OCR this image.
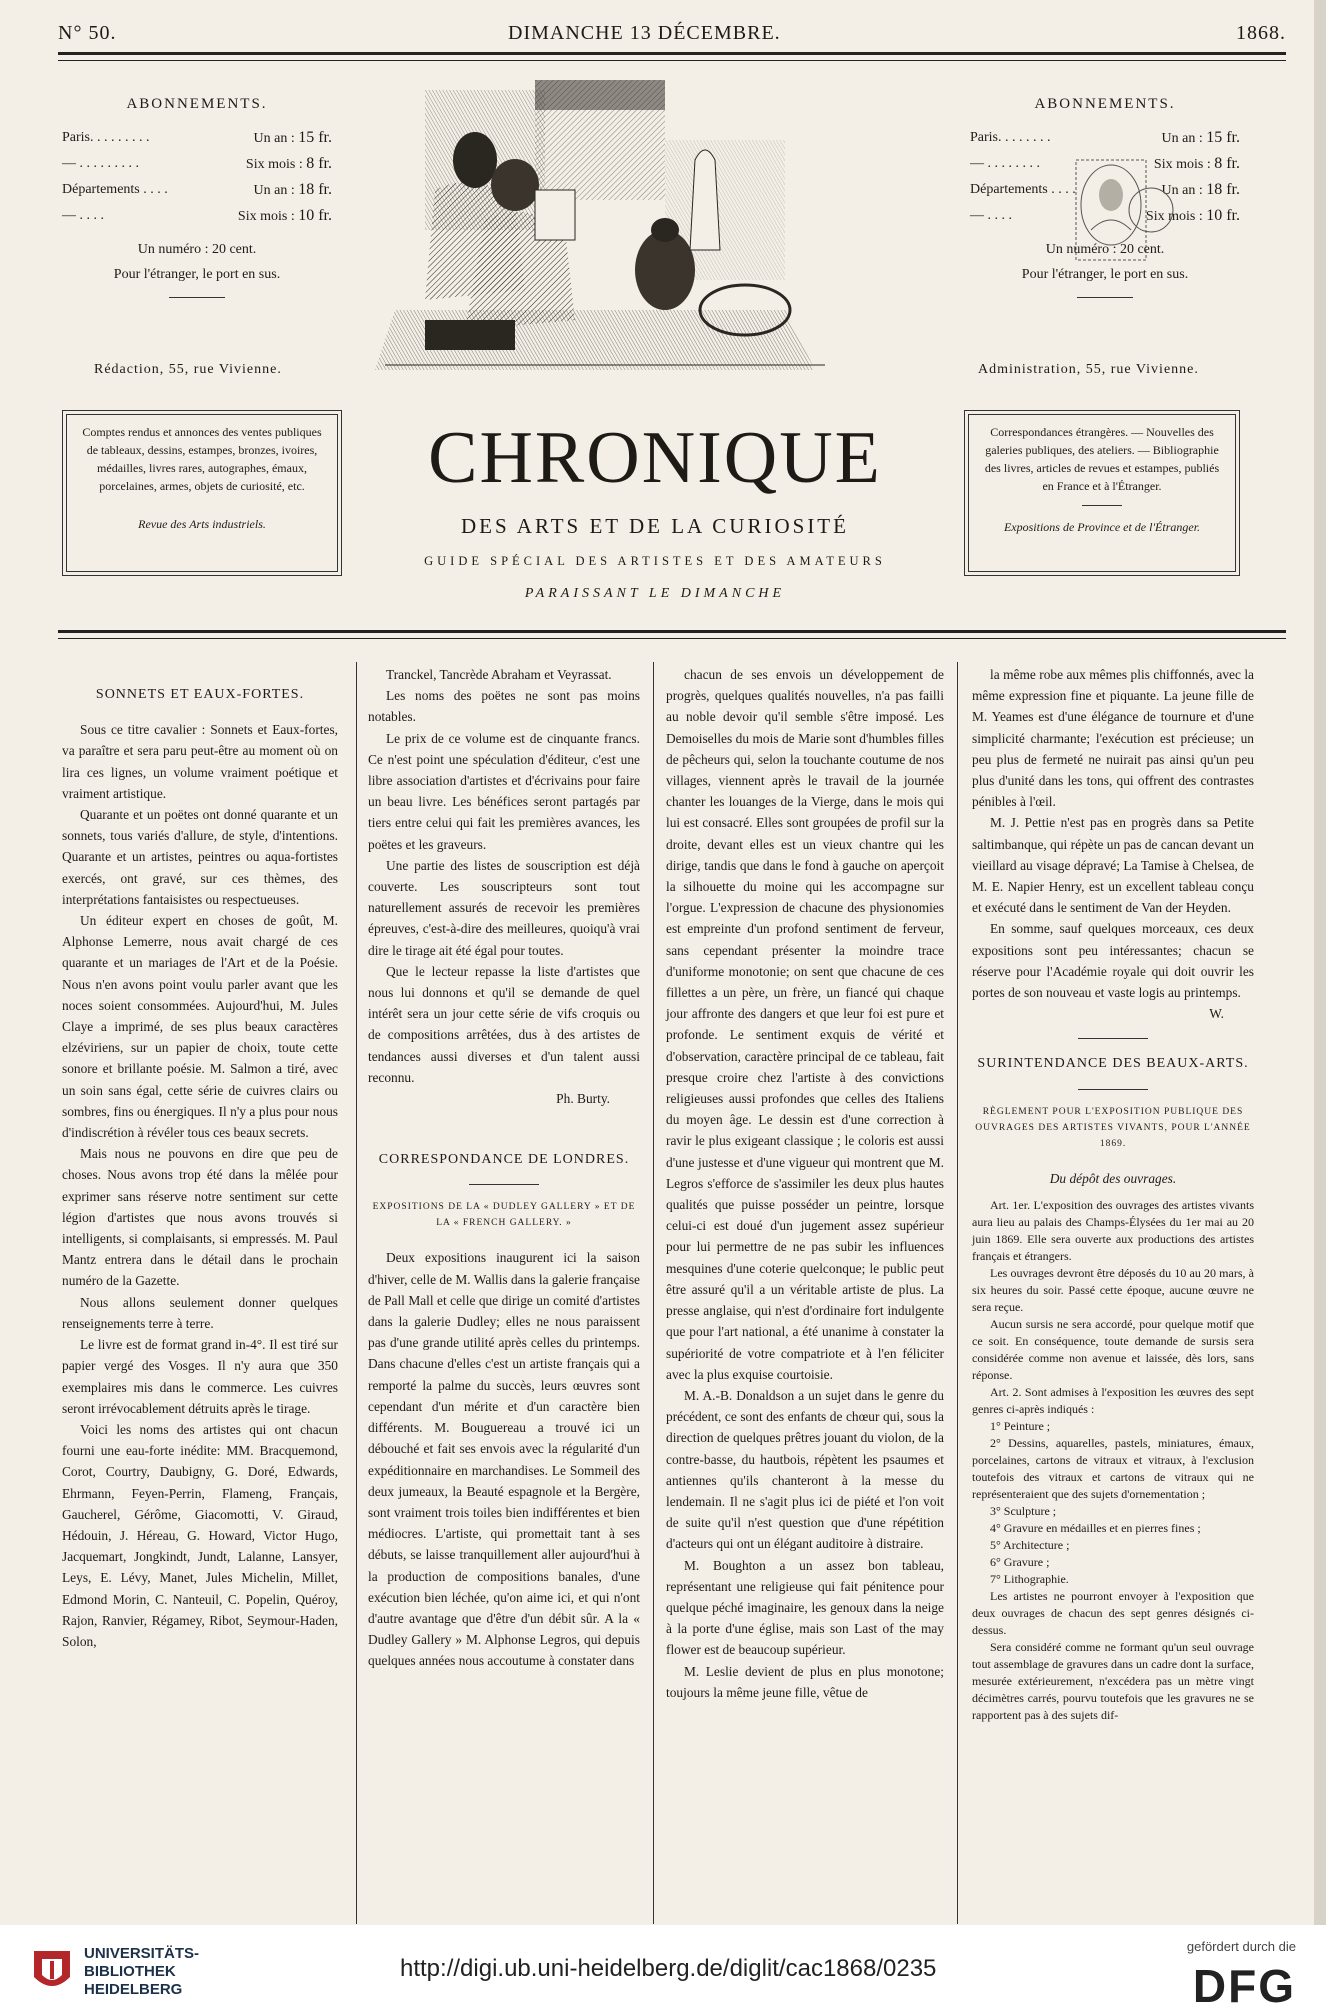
N° 50.	DIMANCHE 13 DÉCEMBRE.	1868.
ABONNEMENTS.
Paris. . . . . . . . .	Un an : 15 fr.
— . . . . . . . . .	Six mois : 8 fr.
Départements . . . .	Un an : 18 fr.
— . . . .	Six mois : 10 fr.
Un numéro : 20 cent.
Pour l'étranger, le port en sus.
Rédaction, 55, rue Vivienne.
ABONNEMENTS.
Paris. . . . . . . .	Un an : 15 fr.
— . . . . . . . .	Six mois : 8 fr.
Départements . . . .	Un an : 18 fr.
— . . . .	Six mois : 10 fr.
Un numéro : 20 cent.
Pour l'étranger, le port en sus.
Administration, 55, rue Vivienne.
Comptes rendus et annonces des ventes publiques de tableaux, dessins, estampes, bronzes, ivoires, médailles, livres rares, autographes, émaux, porcelaines, armes, objets de curiosité, etc.
Revue des Arts industriels.
Correspondances étrangères. — Nouvelles des galeries publiques, des ateliers. — Bibliographie des livres, articles de revues et estampes, publiés en France et à l'Étranger.
Expositions de Province et de l'Étranger.
CHRONIQUE
DES ARTS ET DE LA CURIOSITÉ
GUIDE SPÉCIAL DES ARTISTES ET DES AMATEURS
PARAISSANT LE DIMANCHE
SONNETS ET EAUX-FORTES.

Sous ce titre cavalier : Sonnets et Eaux-fortes, va paraître et sera paru peut-être au moment où on lira ces lignes, un volume vraiment poétique et vraiment artistique.

Quarante et un poëtes ont donné quarante et un sonnets, tous variés d'allure, de style, d'intentions. Quarante et un artistes, peintres ou aqua-fortistes exercés, ont gravé, sur ces thèmes, des interprétations fantaisistes ou respectueuses.

Un éditeur expert en choses de goût, M. Alphonse Lemerre, nous avait chargé de ces quarante et un mariages de l'Art et de la Poésie. Nous n'en avons point voulu parler avant que les noces soient consommées. Aujourd'hui, M. Jules Claye a imprimé, de ses plus beaux caractères elzéviriens, sur un papier de choix, toute cette sonore et brillante poésie. M. Salmon a tiré, avec un soin sans égal, cette série de cuivres clairs ou sombres, fins ou énergiques. Il n'y a plus pour nous d'indiscrétion à révéler tous ces beaux secrets.

Mais nous ne pouvons en dire que peu de choses. Nous avons trop été dans la mêlée pour exprimer sans réserve notre sentiment sur cette légion d'artistes que nous avons trouvés si intelligents, si complaisants, si empressés. M. Paul Mantz entrera dans le détail dans le prochain numéro de la Gazette.

Nous allons seulement donner quelques renseignements terre à terre.

Le livre est de format grand in-4°. Il est tiré sur papier vergé des Vosges. Il n'y aura que 350 exemplaires mis dans le commerce. Les cuivres seront irrévocablement détruits après le tirage.

Voici les noms des artistes qui ont chacun fourni une eau-forte inédite: MM. Bracquemond, Corot, Courtry, Daubigny, G. Doré, Edwards, Ehrmann, Feyen-Perrin, Flameng, Français, Gaucherel, Gérôme, Giacomotti, V. Giraud, Hédouin, J. Héreau, G. Howard, Victor Hugo, Jacquemart, Jongkindt, Jundt, Lalanne, Lansyer, Leys, E. Lévy, Manet, Jules Michelin, Millet, Edmond Morin, C. Nanteuil, C. Popelin, Quéroy, Rajon, Ranvier, Régamey, Ribot, Seymour-Haden, Solon,

Tranckel, Tancrède Abraham et Veyrassat.

Les noms des poëtes ne sont pas moins notables.

Le prix de ce volume est de cinquante francs. Ce n'est point une spéculation d'éditeur, c'est une libre association d'artistes et d'écrivains pour faire un beau livre. Les bénéfices seront partagés par tiers entre celui qui fait les premières avances, les poëtes et les graveurs.

Une partie des listes de souscription est déjà couverte. Les souscripteurs sont tout naturellement assurés de recevoir les premières épreuves, c'est-à-dire des meilleures, quoiqu'à vrai dire le tirage ait été égal pour toutes.

Que le lecteur repasse la liste d'artistes que nous lui donnons et qu'il se demande de quel intérêt sera un jour cette série de vifs croquis ou de compositions arrêtées, dus à des artistes de tendances aussi diverses et d'un talent aussi reconnu.

Ph. Burty.

CORRESPONDANCE DE LONDRES.
EXPOSITIONS DE LA « DUDLEY GALLERY » ET DE LA « FRENCH GALLERY. »

Deux expositions inaugurent ici la saison d'hiver, celle de M. Wallis dans la galerie française de Pall Mall et celle que dirige un comité d'artistes dans la galerie Dudley; elles ne nous paraissent pas d'une grande utilité après celles du printemps. Dans chacune d'elles c'est un artiste français qui a remporté la palme du succès, leurs œuvres sont cependant d'un mérite et d'un caractère bien différents. M. Bouguereau a trouvé ici un débouché et fait ses envois avec la régularité d'un expéditionnaire en marchandises. Le Sommeil des deux jumeaux, la Beauté espagnole et la Bergère, sont vraiment trois toiles bien indifférentes et bien médiocres. L'artiste, qui promettait tant à ses débuts, se laisse tranquillement aller aujourd'hui à la production de compositions banales, d'une exécution bien léchée, qu'on aime ici, et qui n'ont d'autre avantage que d'être d'un débit sûr. A la « Dudley Gallery » M. Alphonse Legros, qui depuis quelques années nous accoutume à constater dans

chacun de ses envois un développement de progrès, quelques qualités nouvelles, n'a pas failli au noble devoir qu'il semble s'être imposé. Les Demoiselles du mois de Marie sont d'humbles filles de pêcheurs qui, selon la touchante coutume de nos villages, viennent après le travail de la journée chanter les louanges de la Vierge, dans le mois qui lui est consacré. Elles sont groupées de profil sur la droite, devant elles est un vieux chantre qui les dirige, tandis que dans le fond à gauche on aperçoit la silhouette du moine qui les accompagne sur l'orgue. L'expression de chacune des physionomies est empreinte d'un profond sentiment de ferveur, sans cependant présenter la moindre trace d'uniforme monotonie; on sent que chacune de ces fillettes a un père, un frère, un fiancé qui chaque jour affronte des dangers et que leur foi est pure et profonde. Le sentiment exquis de vérité et d'observation, caractère principal de ce tableau, fait presque croire chez l'artiste à des convictions religieuses aussi profondes que celles des Italiens du moyen âge. Le dessin est d'une correction à ravir le plus exigeant classique ; le coloris est aussi d'une justesse et d'une vigueur qui montrent que M. Legros s'efforce de s'assimiler les deux plus hautes qualités que puisse posséder un peintre, lorsque celui-ci est doué d'un jugement assez supérieur pour lui permettre de ne pas subir les influences mesquines d'une coterie quelconque; le public peut être assuré qu'il a un véritable artiste de plus. La presse anglaise, qui n'est d'ordinaire fort indulgente que pour l'art national, a été unanime à constater la supériorité de votre compatriote et à l'en féliciter avec la plus exquise courtoisie.

M. A.-B. Donaldson a un sujet dans le genre du précédent, ce sont des enfants de chœur qui, sous la direction de quelques prêtres jouant du violon, de la contre-basse, du hautbois, répètent les psaumes et antiennes qu'ils chanteront à la messe du lendemain. Il ne s'agit plus ici de piété et l'on voit de suite qu'il n'est question que d'une répétition d'acteurs qui ont un élégant auditoire à distraire.

M. Boughton a un assez bon tableau, représentant une religieuse qui fait pénitence pour quelque péché imaginaire, les genoux dans la neige à la porte d'une église, mais son Last of the may flower est de beaucoup supérieur.

M. Leslie devient de plus en plus monotone; toujours la même jeune fille, vêtue de

la même robe aux mêmes plis chiffonnés, avec la même expression fine et piquante. La jeune fille de M. Yeames est d'une élégance de tournure et d'une simplicité charmante; l'exécution est précieuse; un peu plus de fermeté ne nuirait pas ainsi qu'un peu plus d'unité dans les tons, qui offrent des contrastes pénibles à l'œil.

M. J. Pettie n'est pas en progrès dans sa Petite saltimbanque, qui répète un pas de cancan devant un vieillard au visage dépravé; La Tamise à Chelsea, de M. E. Napier Henry, est un excellent tableau conçu et exécuté dans le sentiment de Van der Heyden.

En somme, sauf quelques morceaux, ces deux expositions sont peu intéressantes; chacun se réserve pour l'Académie royale qui doit ouvrir les portes de son nouveau et vaste logis au printemps.

W.

SURINTENDANCE DES BEAUX-ARTS.
RÈGLEMENT POUR L'EXPOSITION PUBLIQUE DES OUVRAGES DES ARTISTES VIVANTS, POUR L'ANNÉE 1869.
Du dépôt des ouvrages.

Art. 1er. L'exposition des ouvrages des artistes vivants aura lieu au palais des Champs-Élysées du 1er mai au 20 juin 1869. Elle sera ouverte aux productions des artistes français et étrangers.

Les ouvrages devront être déposés du 10 au 20 mars, à six heures du soir. Passé cette époque, aucune œuvre ne sera reçue.

Aucun sursis ne sera accordé, pour quelque motif que ce soit. En conséquence, toute demande de sursis sera considérée comme non avenue et laissée, dès lors, sans réponse.

Art. 2. Sont admises à l'exposition les œuvres des sept genres ci-après indiqués :

1° Peinture ;

2° Dessins, aquarelles, pastels, miniatures, émaux, porcelaines, cartons de vitraux et vitraux, à l'exclusion toutefois des vitraux et cartons de vitraux qui ne représenteraient que des sujets d'ornementation ;

3° Sculpture ;

4° Gravure en médailles et en pierres fines ;

5° Architecture ;

6° Gravure ;

7° Lithographie.

Les artistes ne pourront envoyer à l'exposition que deux ouvrages de chacun des sept genres désignés ci-dessus.

Sera considéré comme ne formant qu'un seul ouvrage tout assemblage de gravures dans un cadre dont la surface, mesurée extérieurement, n'excédera pas un mètre vingt décimètres carrés, pourvu toutefois que les gravures ne se rapportent pas à des sujets dif-

UNIVERSITÄTS-
BIBLIOTHEK
HEIDELBERG
http://digi.ub.uni-heidelberg.de/diglit/cac1868/0235
gefördert durch die
DFG
